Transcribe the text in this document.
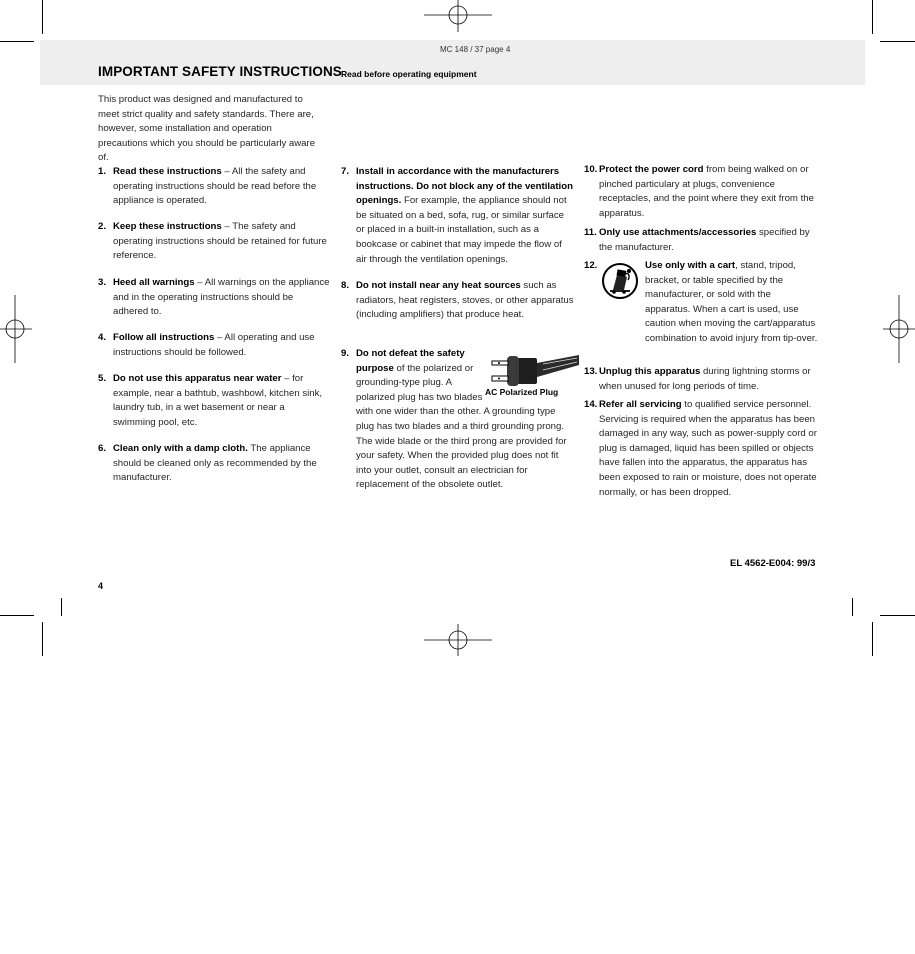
MC 148 / 37 page 4
IMPORTANT SAFETY INSTRUCTIONS Read before operating equipment
This product was designed and manufactured to meet strict quality and safety standards. There are, however, some installation and operation precautions which you should be particularly aware of.
1. Read these instructions – All the safety and operating instructions should be read before the appliance is operated.
2. Keep these instructions – The safety and operating instructions should be retained for future reference.
3. Heed all warnings – All warnings on the appliance and in the operating instructions should be adhered to.
4. Follow all instructions – All operating and use instructions should be followed.
5. Do not use this apparatus near water – for example, near a bathtub, washbowl, kitchen sink, laundry tub, in a wet basement or near a swimming pool, etc.
6. Clean only with a damp cloth. The appliance should be cleaned only as recommended by the manufacturer.
7. Install in accordance with the manufacturers instructions. Do not block any of the ventilation openings. For example, the appliance should not be situated on a bed, sofa, rug, or similar surface or placed in a built-in installation, such as a bookcase or cabinet that may impede the flow of air through the ventilation openings.
8. Do not install near any heat sources such as radiators, heat registers, stoves, or other apparatus (including amplifiers) that produce heat.
9. Do not defeat the safety purpose of the polarized or grounding-type plug. A polarized plug has two blades with one wider than the other. A grounding type plug has two blades and a third grounding prong. The wide blade or the third prong are provided for your safety. When the provided plug does not fit into your outlet, consult an electrician for replacement of the obsolete outlet.
AC Polarized Plug
10. Protect the power cord from being walked on or pinched particulary at plugs, convenience receptacles, and the point where they exit from the apparatus.
11. Only use attachments/accessories specified by the manufacturer.
12.	Use only with a cart, stand, tripod, bracket, or table specified by the manufacturer, or sold with the apparatus. When a cart is used, use caution when moving the cart/apparatus combination to avoid injury from tip-over.
13. Unplug this apparatus during lightning storms or when unused for long periods of time.
14. Refer all servicing to qualified service personnel. Servicing is required when the apparatus has been damaged in any way, such as power-supply cord or plug is damaged, liquid has been spilled or objects have fallen into the apparatus, the apparatus has been exposed to rain or moisture, does not operate normally, or has been dropped.
EL 4562-E004: 99/3
4
